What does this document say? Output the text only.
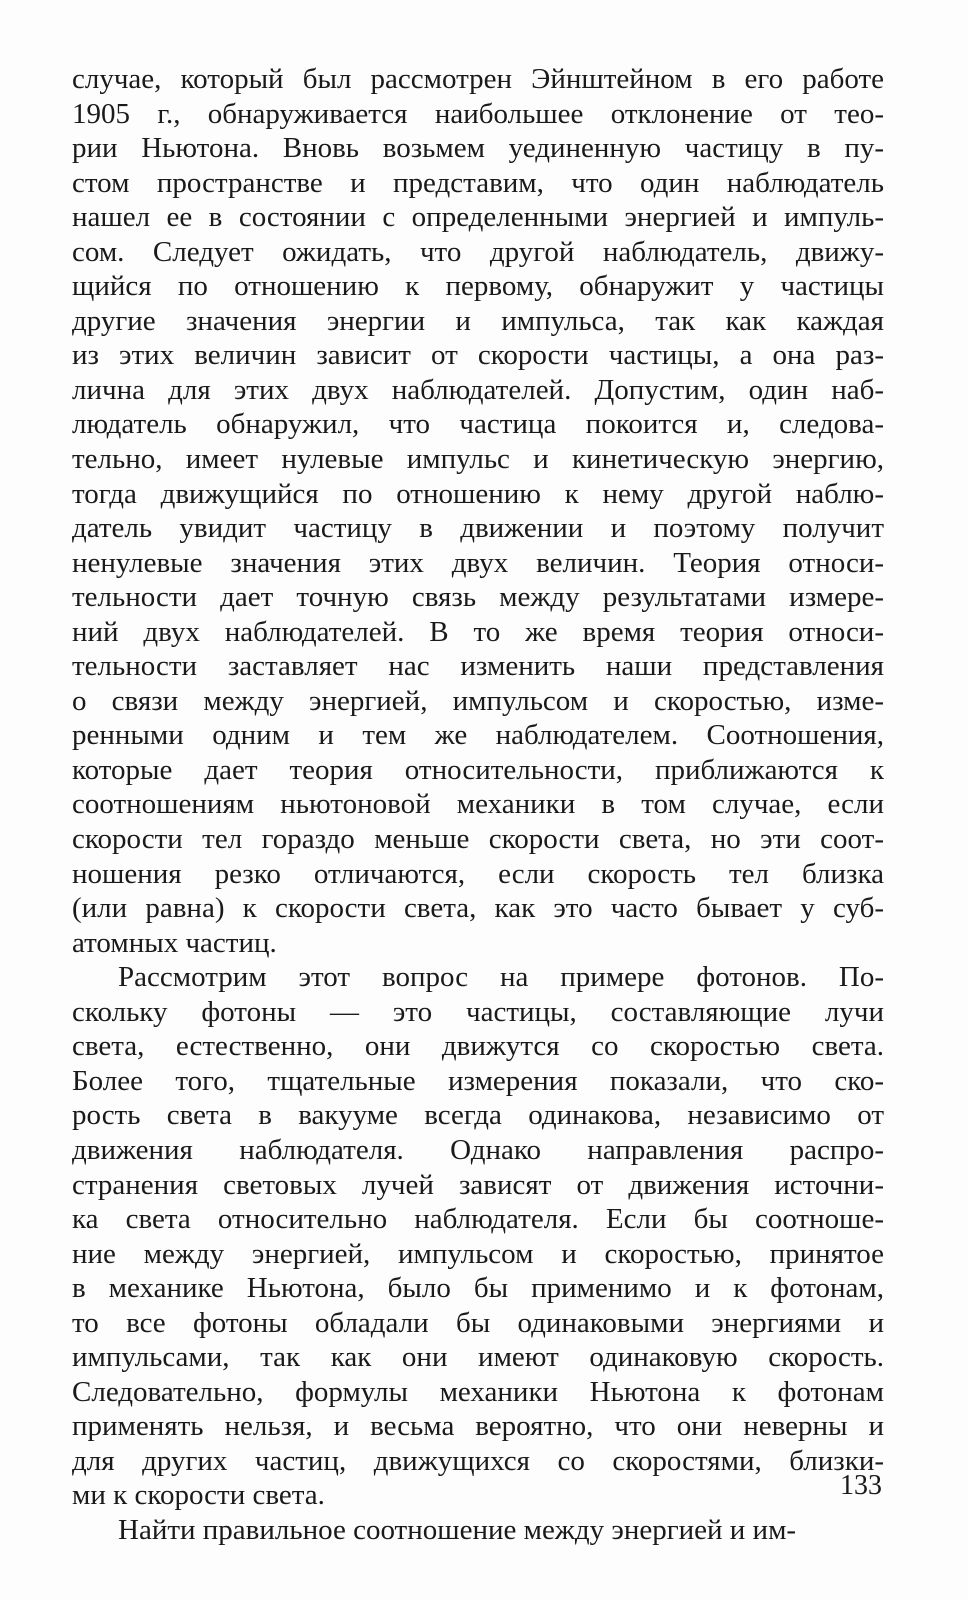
случае, который был рассмотрен Эйнштейном в его работе
1905 г., обнаруживается наибольшее отклонение от тео-
рии Ньютона. Вновь возьмем уединенную частицу в пу-
стом пространстве и представим, что один наблюдатель
нашел ее в состоянии с определенными энергией и импуль-
сом. Следует ожидать, что другой наблюдатель, движу-
щийся по отношению к первому, обнаружит у частицы
другие значения энергии и импульса, так как каждая
из этих величин зависит от скорости частицы, а она раз-
лична для этих двух наблюдателей. Допустим, один наб-
людатель обнаружил, что частица покоится и, следова-
тельно, имеет нулевые импульс и кинетическую энергию,
тогда движущийся по отношению к нему другой наблю-
датель увидит частицу в движении и поэтому получит
ненулевые значения этих двух величин. Теория относи-
тельности дает точную связь между результатами измере-
ний двух наблюдателей. В то же время теория относи-
тельности заставляет нас изменить наши представления
о связи между энергией, импульсом и скоростью, изме-
ренными одним и тем же наблюдателем. Соотношения,
которые дает теория относительности, приближаются к
соотношениям ньютоновой механики в том случае, если
скорости тел гораздо меньше скорости света, но эти соот-
ношения резко отличаются, если скорость тел близка
(или равна) к скорости света, как это часто бывает у суб-
атомных частиц.
Рассмотрим этот вопрос на примере фотонов. По-
скольку фотоны — это частицы, составляющие лучи
света, естественно, они движутся со скоростью света.
Более того, тщательные измерения показали, что ско-
рость света в вакууме всегда одинакова, независимо от
движения наблюдателя. Однако направления распро-
странения световых лучей зависят от движения источни-
ка света относительно наблюдателя. Если бы соотноше-
ние между энергией, импульсом и скоростью, принятое
в механике Ньютона, было бы применимо и к фотонам,
то все фотоны обладали бы одинаковыми энергиями и
импульсами, так как они имеют одинаковую скорость.
Следовательно, формулы механики Ньютона к фотонам
применять нельзя, и весьма вероятно, что они неверны и
для других частиц, движущихся со скоростями, близки-
ми к скорости света.
Найти правильное соотношение между энергией и им-
133
